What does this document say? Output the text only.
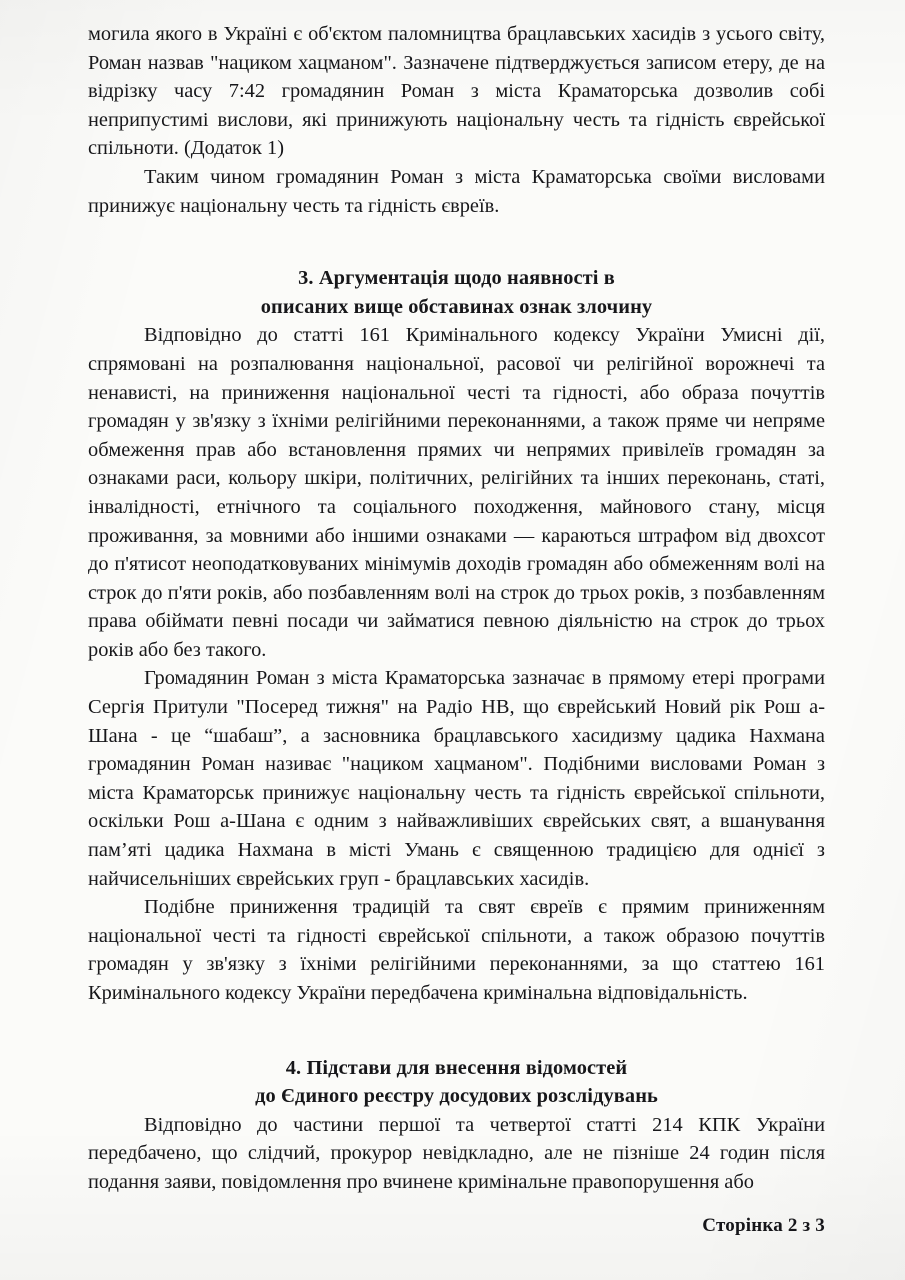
могила якого в Україні є об'єктом паломництва брацлавських хасидів з усього світу, Роман назвав "нациком хацманом". Зазначене підтверджується записом етеру, де на відрізку часу 7:42 громадянин Роман з міста Краматорська дозволив собі неприпустимі вислови, які принижують національну честь та гідність єврейської спільноти. (Додаток 1)

Таким чином громадянин Роман з міста Краматорська своїми висловами принижує національну честь та гідність євреїв.

3. Аргументація щодо наявності в

описаних вище обставинах ознак злочину

Відповідно до статті 161 Кримінального кодексу України Умисні дії, спрямовані на розпалювання національної, расової чи релігійної ворожнечі та ненависті, на приниження національної честі та гідності, або образа почуттів громадян у зв'язку з їхніми релігійними переконаннями, а також пряме чи непряме обмеження прав або встановлення прямих чи непрямих привілеїв громадян за ознаками раси, кольору шкіри, політичних, релігійних та інших переконань, статі, інвалідності, етнічного та соціального походження, майнового стану, місця проживання, за мовними або іншими ознаками — караються штрафом від двохсот до п'ятисот неоподатковуваних мінімумів доходів громадян або обмеженням волі на строк до п'яти років, або позбавленням волі на строк до трьох років, з позбавленням права обіймати певні посади чи займатися певною діяльністю на строк до трьох років або без такого.

Громадянин Роман з міста Краматорська зазначає в прямому етері програми Сергія Притули "Посеред тижня" на Радіо НВ, що єврейський Новий рік Рош а-Шана - це “шабаш”, а засновника брацлавського хасидизму цадика Нахмана громадянин Роман називає "нациком хацманом". Подібними висловами Роман з міста Краматорськ принижує національну честь та гідність єврейської спільноти, оскільки Рош а-Шана є одним з найважливіших єврейських свят, а вшанування пам’яті цадика Нахмана в місті Умань є священною традицією для однієї з найчисельніших єврейських груп - брацлавських хасидів.

Подібне приниження традицій та свят євреїв є прямим приниженням національної честі та гідності єврейської спільноти, а також образою почуттів громадян у зв'язку з їхніми релігійними переконаннями, за що статтею 161 Кримінального кодексу України передбачена кримінальна відповідальність.

4. Підстави для внесення відомостей

до Єдиного реєстру досудових розслідувань

Відповідно до частини першої та четвертої статті 214 КПК України передбачено, що слідчий, прокурор невідкладно, але не пізніше 24 годин після подання заяви, повідомлення про вчинене кримінальне правопорушення або

Сторінка 2 з 3
